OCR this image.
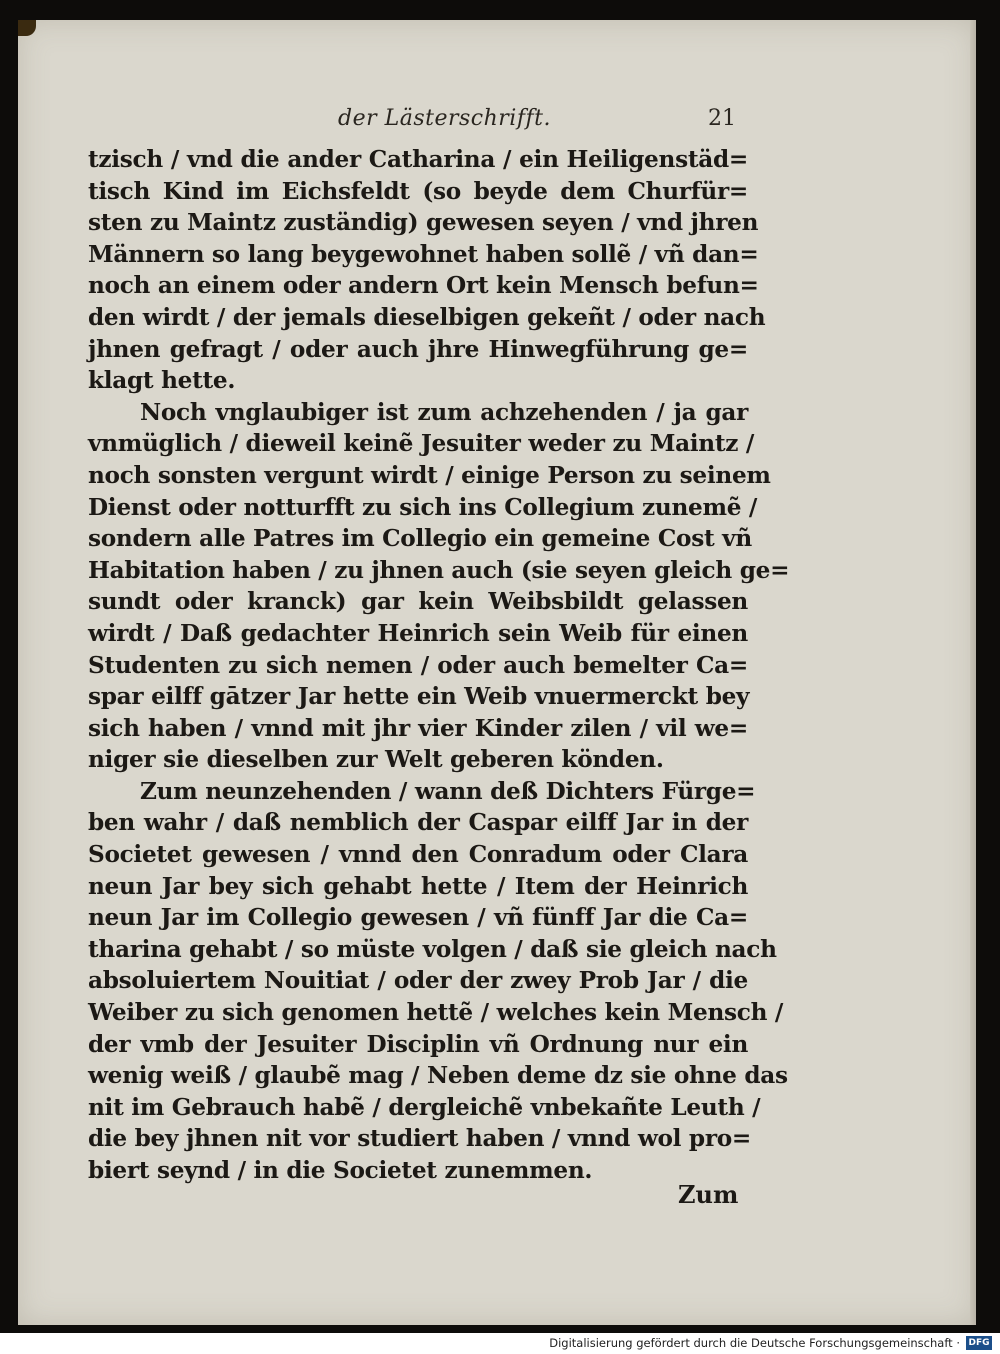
der Lästerschrifft.	21
tzisch / vnd die ander Catharina / ein Heiligenstäd=
tisch Kind im Eichsfeldt (so beyde dem Churfür=
sten zu Maintz zuständig) gewesen seyen / vnd jhren
Männern so lang beygewohnet haben sollẽ / vñ dan=
noch an einem oder andern Ort kein Mensch befun=
den wirdt / der jemals dieselbigen gekeñt / oder nach
jhnen gefragt / oder auch jhre Hinwegführung ge=
klagt hette.
Noch vnglaubiger ist zum achzehenden / ja gar
vnmüglich / dieweil keinẽ Jesuiter weder zu Maintz /
noch sonsten vergunt wirdt / einige Person zu seinem
Dienst oder notturfft zu sich ins Collegium zunemẽ /
sondern alle Patres im Collegio ein gemeine Cost vñ
Habitation haben / zu jhnen auch (sie seyen gleich ge=
sundt oder kranck) gar kein Weibsbildt gelassen
wirdt / Daß gedachter Heinrich sein Weib für einen
Studenten zu sich nemen / oder auch bemelter Ca=
spar eilff gātzer Jar hette ein Weib vnuermerckt bey
sich haben / vnnd mit jhr vier Kinder zilen / vil we=
niger sie dieselben zur Welt geberen könden.
Zum neunzehenden / wann deß Dichters Fürge=
ben wahr / daß nemblich der Caspar eilff Jar in der
Societet gewesen / vnnd den Conradum oder Clara
neun Jar bey sich gehabt hette / Item der Heinrich
neun Jar im Collegio gewesen / vñ fünff Jar die Ca=
tharina gehabt / so müste volgen / daß sie gleich nach
absoluiertem Nouitiat / oder der zwey Prob Jar / die
Weiber zu sich genomen hettẽ / welches kein Mensch /
der vmb der Jesuiter Disciplin vñ Ordnung nur ein
wenig weiß / glaubẽ mag / Neben deme dz sie ohne das
nit im Gebrauch habẽ / dergleichẽ vnbekañte Leuth /
die bey jhnen nit vor studiert haben / vnnd wol pro=
biert seynd / in die Societet zunemmen.
Zum
Digitalisierung gefördert durch die Deutsche Forschungsgemeinschaft · DFG
